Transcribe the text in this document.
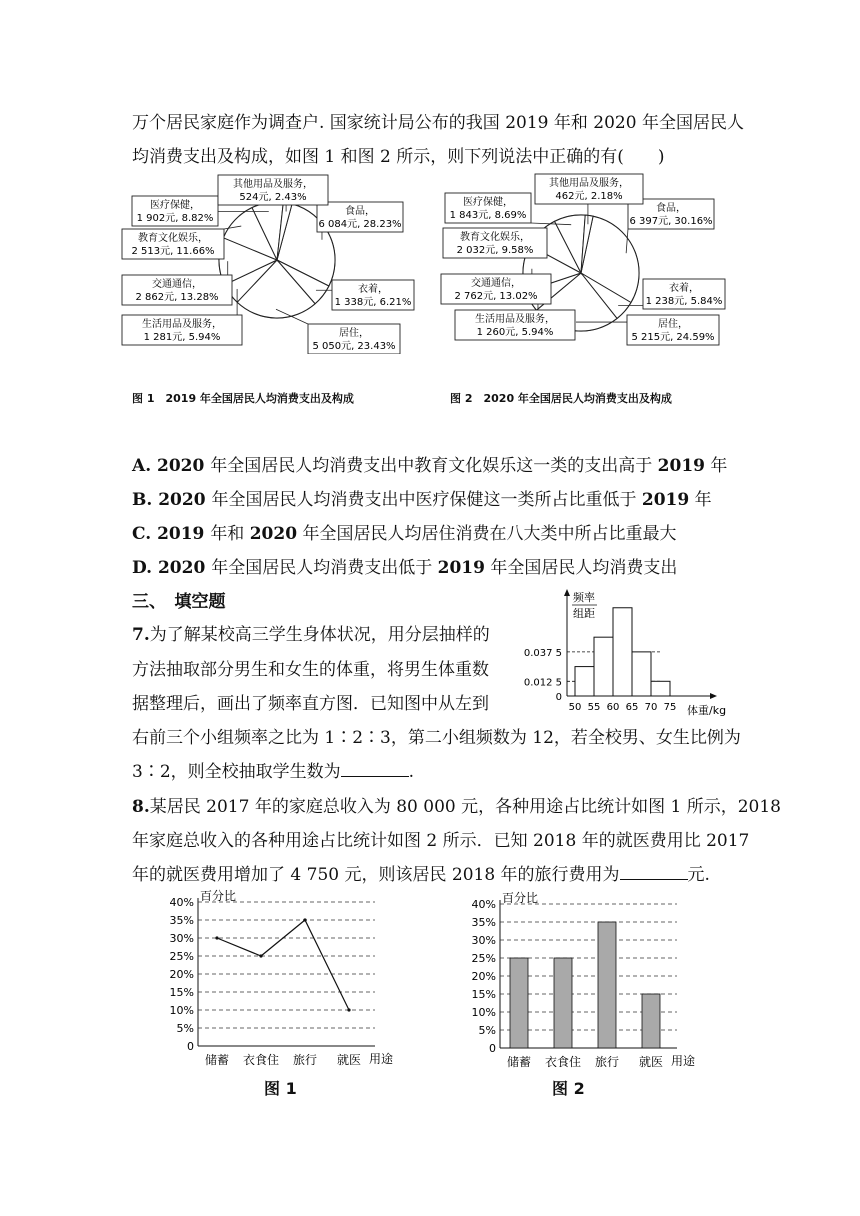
万个居民家庭作为调查户. 国家统计局公布的我国 2019 年和 2020 年全国居民人
均消费支出及构成，如图 1 和图 2 所示，则下列说法中正确的有(　　)
食品，
6 084元, 28.23%
衣着，
1 338元, 6.21%
居住，
5 050元, 23.43%
生活用品及服务，
1 281元, 5.94%
交通通信，
2 862元, 13.28%
教育文化娱乐，
2 513元, 11.66%
医疗保健，
1 902元, 8.82%
其他用品及服务，
524元, 2.43%
食品，
6 397元, 30.16%
衣着，
1 238元, 5.84%
居住，
5 215元, 24.59%
生活用品及服务，
1 260元, 5.94%
交通通信，
2 762元, 13.02%
教育文化娱乐，
2 032元, 9.58%
医疗保健，
1 843元, 8.69%
其他用品及服务，
462元, 2.18%
图 1　2019 年全国居民人均消费支出及构成	图 2　2020 年全国居民人均消费支出及构成
A. 2020 年全国居民人均消费支出中教育文化娱乐这一类的支出高于 2019 年
B. 2020 年全国居民人均消费支出中医疗保健这一类所占比重低于 2019 年
C. 2019 年和 2020 年全国居民人均居住消费在八大类中所占比重最大
D. 2020 年全国居民人均消费支出低于 2019 年全国居民人均消费支出
三、　填空题
7.为了解某校高三学生身体状况，用分层抽样的
方法抽取部分男生和女生的体重，将男生体重数
据整理后，画出了频率直方图．已知图中从左到
右前三个小组频率之比为 1∶2∶3，第二小组频数为 12，若全校男、女生比例为
3∶2，则全校抽取学生数为	.
频率
组距
0
0.012 5
0.037 5
50 55 60 65 70 75 体重/kg
8.某居民 2017 年的家庭总收入为 80 000 元，各种用途占比统计如图 1 所示，2018
年家庭总收入的各种用途占比统计如图 2 所示．已知 2018 年的就医费用比 2017
年的就医费用增加了 4 750 元，则该居民 2018 年的旅行费用为	元.
0
5%
10%
15%
20%
25%
30%
35%
40% 百分比
储蓄 衣食住 旅行 就医 用途
0
5%
10%
15%
20%
25%
30%
35%
40% 百分比
储蓄 衣食住 旅行 就医 用途
图 1	图 2
